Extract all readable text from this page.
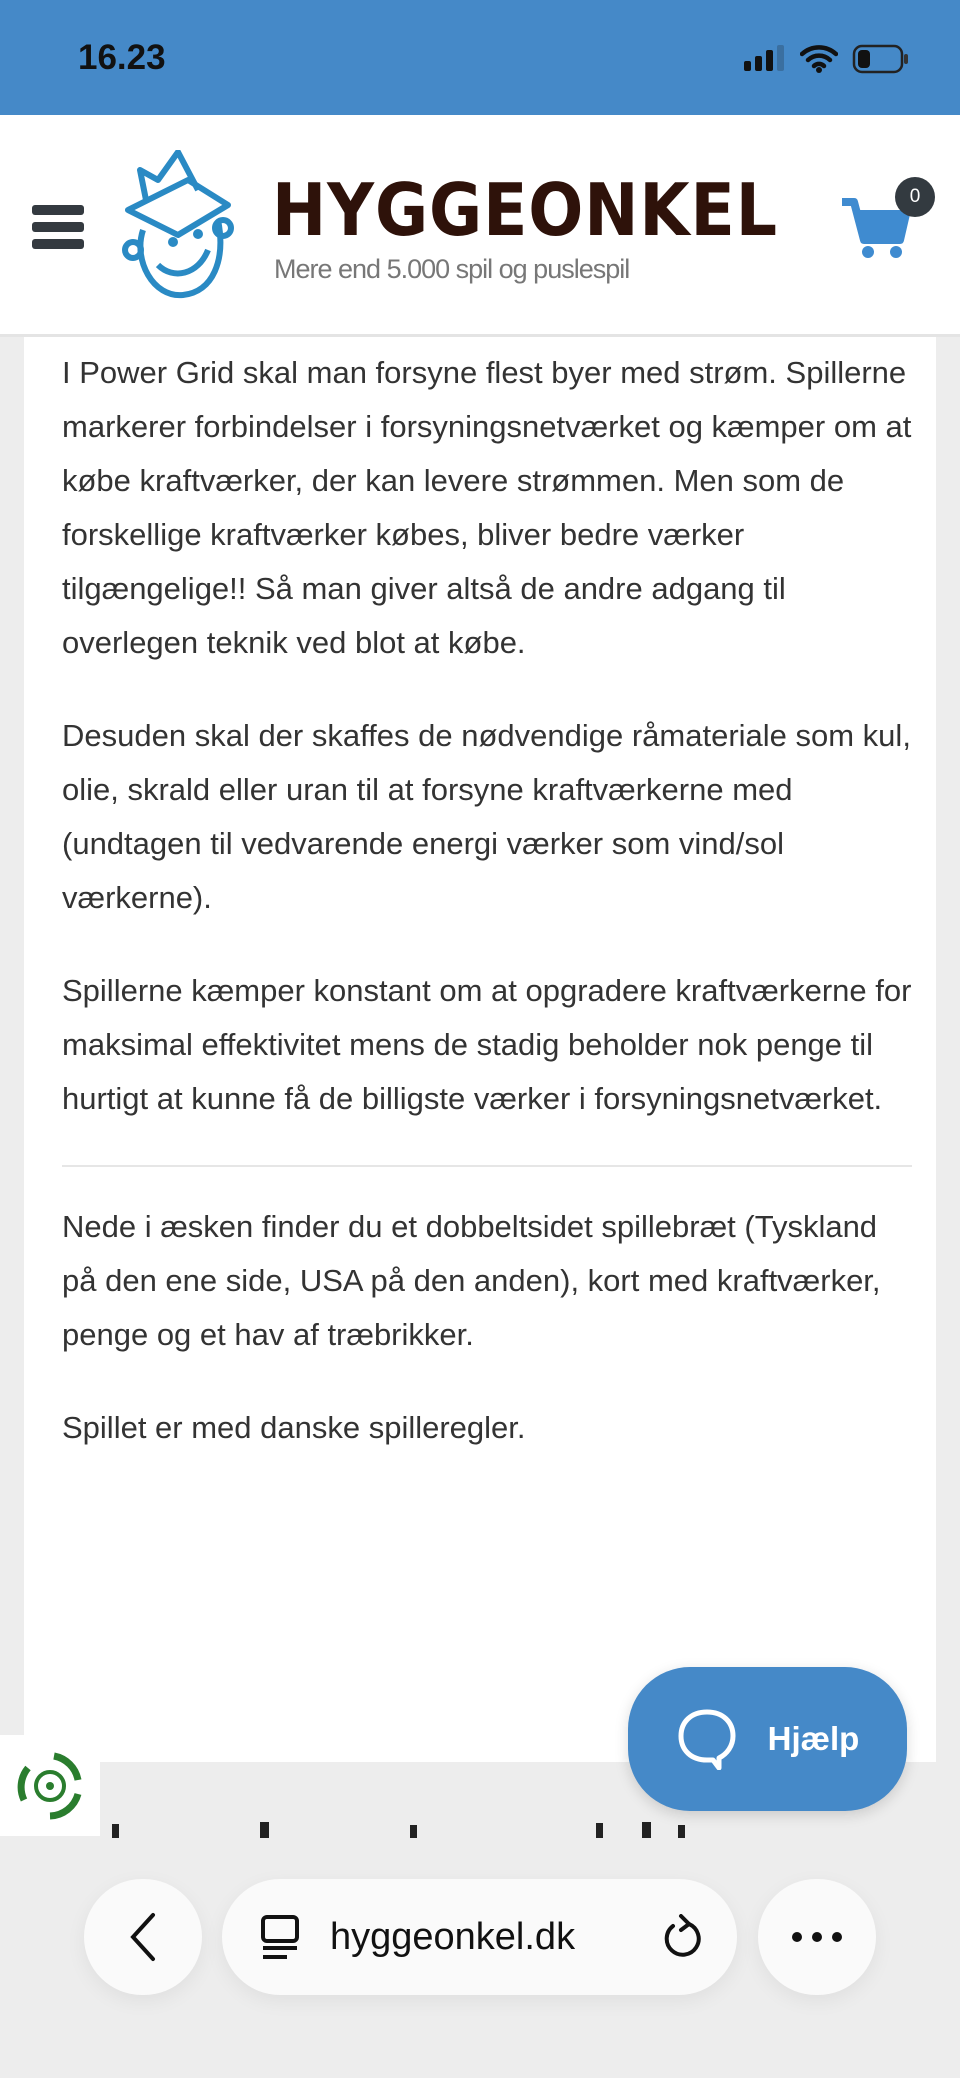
16.23
HYGGEONKEL
Mere end 5.000 spil og puslespil
0

I Power Grid skal man forsyne flest byer med strøm. Spillerne markerer forbindelser i forsyningsnetværket og kæmper om at købe kraftværker, der kan levere strømmen. Men som de forskellige kraftværker købes, bliver bedre værker tilgængelige!! Så man giver altså de andre adgang til overlegen teknik ved blot at købe.

Desuden skal der skaffes de nødvendige råmateriale som kul, olie, skrald eller uran til at forsyne kraftværkerne med (undtagen til vedvarende energi værker som vind/sol værkerne).

Spillerne kæmper konstant om at opgradere kraftværkerne for maksimal effektivitet mens de stadig beholder nok penge til hurtigt at kunne få de billigste værker i forsyningsnetværket.

Nede i æsken finder du et dobbeltsidet spillebræt (Tyskland på den ene side, USA på den anden), kort med kraftværker, penge og et hav af træbrikker.

Spillet er med danske spilleregler.

Hjælp
hyggeonkel.dk
